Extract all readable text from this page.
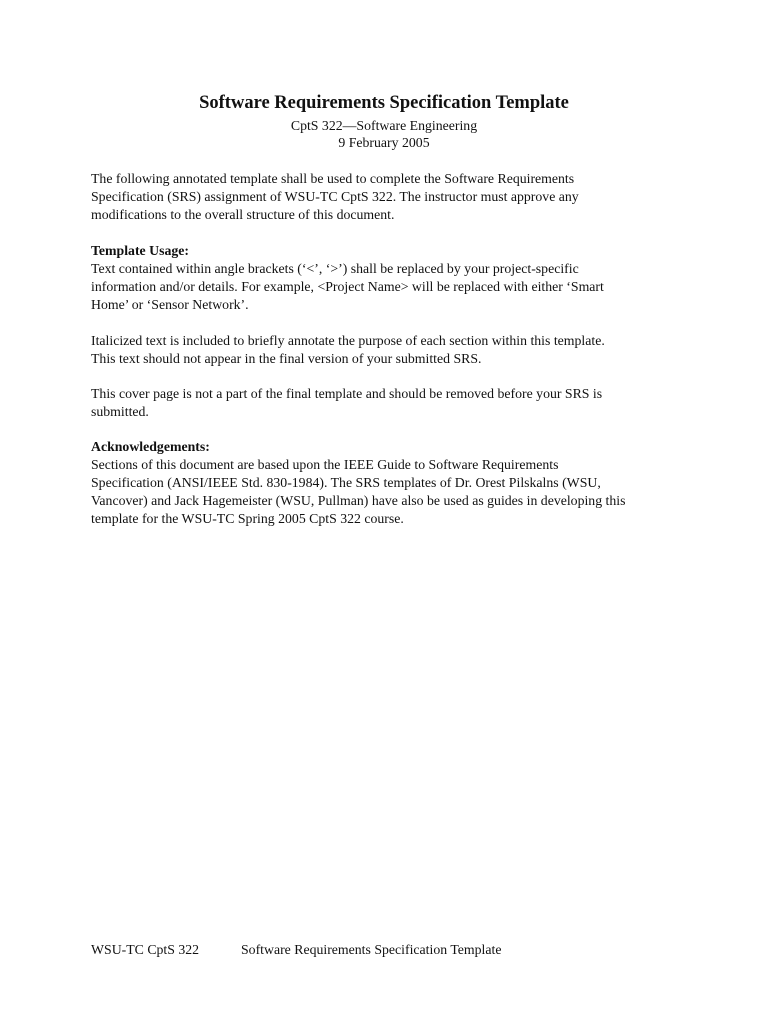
Software Requirements Specification Template

CptS 322—Software Engineering

9 February 2005

The following annotated template shall be used to complete the Software Requirements
Specification (SRS) assignment of WSU-TC CptS 322. The instructor must approve any
modifications to the overall structure of this document.
Template Usage:
Text contained within angle brackets (‘<’, ‘>’) shall be replaced by your project-specific
information and/or details. For example, <Project Name> will be replaced with either ‘Smart
Home’ or ‘Sensor Network’.
Italicized text is included to briefly annotate the purpose of each section within this template.
This text should not appear in the final version of your submitted SRS.
This cover page is not a part of the final template and should be removed before your SRS is
submitted.
Acknowledgements:
Sections of this document are based upon the IEEE Guide to Software Requirements
Specification (ANSI/IEEE Std. 830-1984). The SRS templates of Dr. Orest Pilskalns (WSU,
Vancover) and Jack Hagemeister (WSU, Pullman) have also be used as guides in developing this
template for the WSU-TC Spring 2005 CptS 322 course.
WSU-TC CptS 322	Software Requirements Specification Template
